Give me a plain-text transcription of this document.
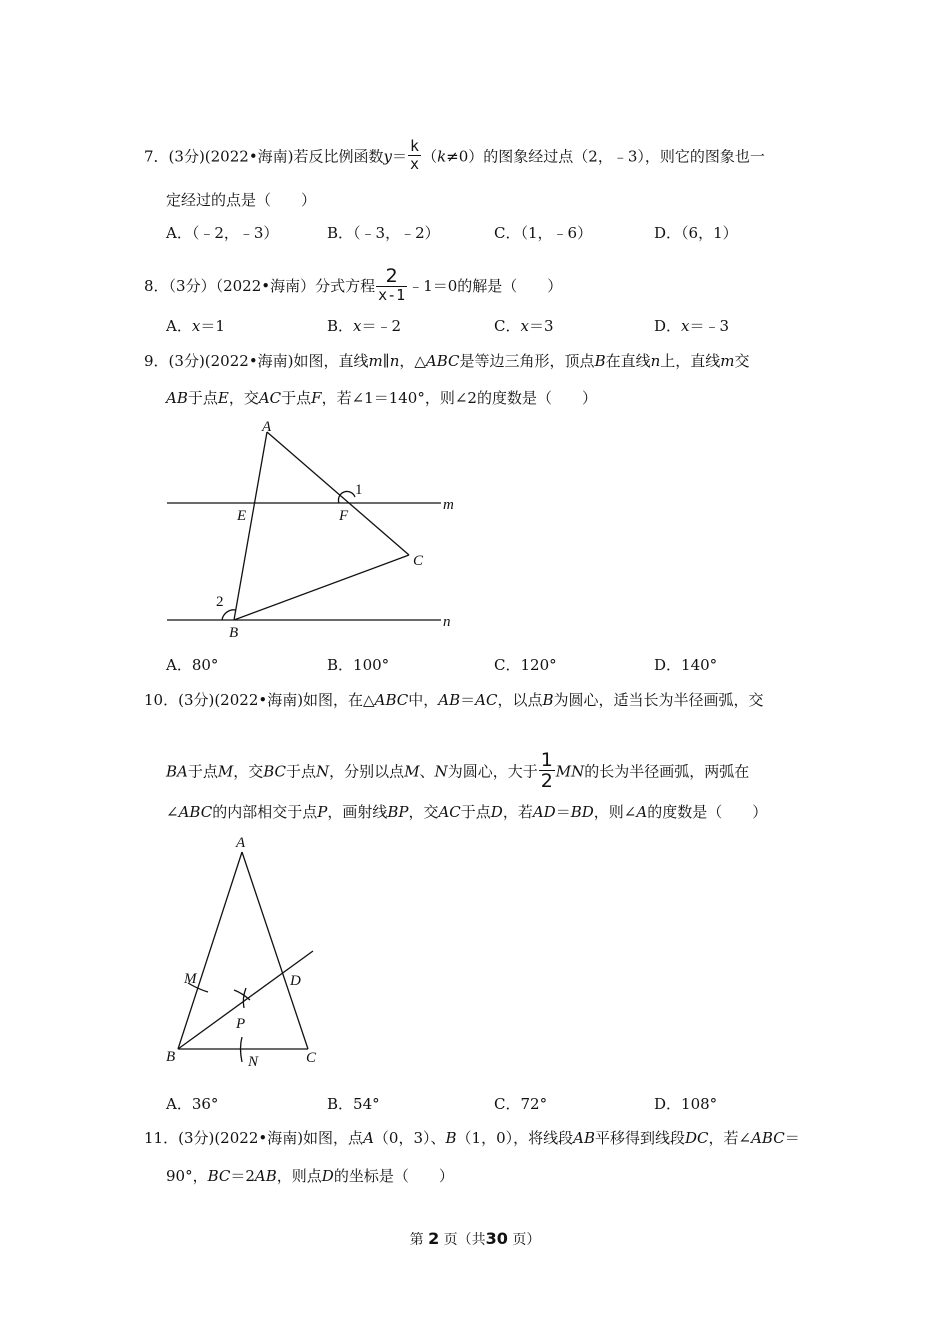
7．(3分)(2022•海南)若反比例函数$y= \frac{k}{x} (k\ne 0)$的图象经过点（2，﹣3），则它的图象也一
定经过的点是（　　）
A．（﹣2，﹣3）	B．（﹣3，﹣2）	C．（1，﹣6）	D．（6，1）
8．（3分）（2022•海南）分式方程 $\frac{2}{x-1}$ ﹣1＝0的解是（　　）
A．x＝1	B．x＝﹣2	C．x＝3	D．x＝﹣3
9．(3分)(2022•海南)如图，直线m∥n，△ABC是等边三角形，顶点B在直线n上，直线m交
AB于点E，交AC于点F，若∠1＝140°，则∠2的度数是（　　）
A
E	F
C
B
m
n
1
2
A．80°	B．100°	C．120°	D．140°
10．(3分)(2022•海南)如图，在△ABC中，AB＝AC，以点B为圆心，适当长为半径画弧，交
BA于点M，交BC于点N，分别以点M、N为圆心，大于 $\frac{1}{2}$ MN的长为半径画弧，两弧在
∠ABC的内部相交于点P，画射线BP，交AC于点D，若AD＝BD，则∠A的度数是（　　）
A
M	D
P
B	N	C
A．36°	B．54°	C．72°	D．108°
11．(3分)(2022•海南)如图，点A（0，3）、B（1，0），将线段AB平移得到线段DC，若∠ABC＝
90°，BC＝2AB，则点D的坐标是（　　）
第 2 页（共30 页）
